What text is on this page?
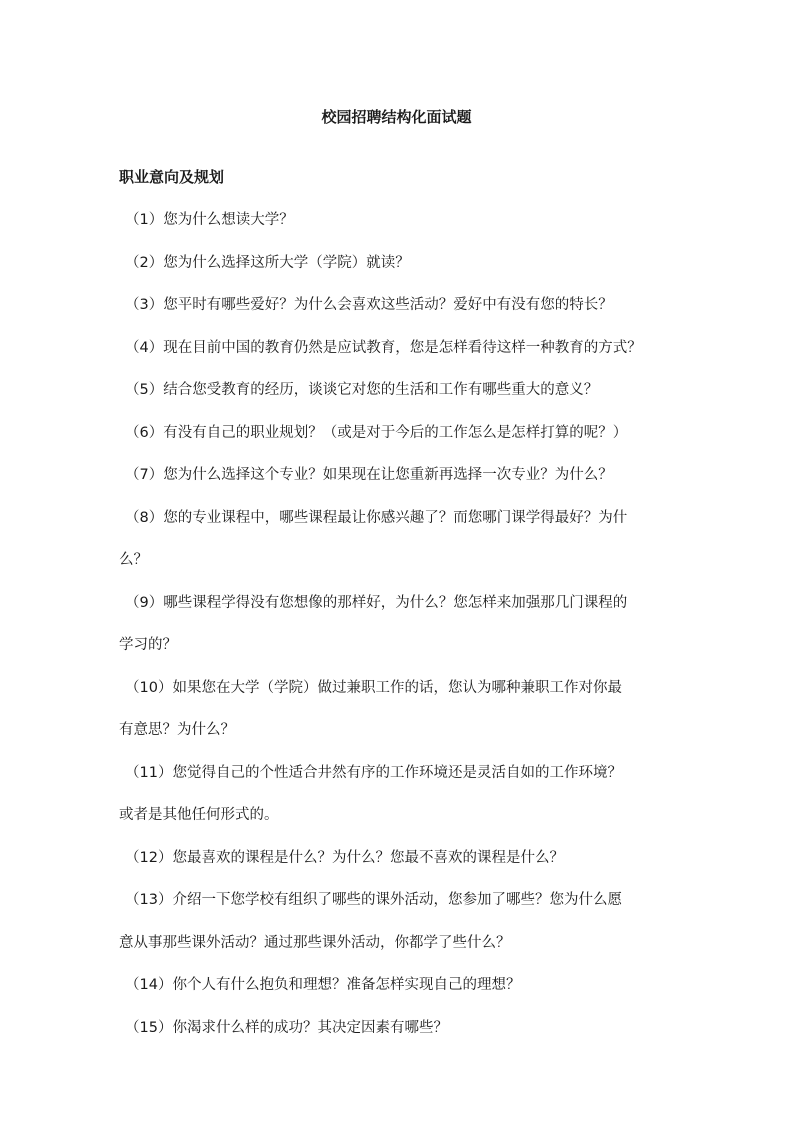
校园招聘结构化面试题
职业意向及规划

（1）您为什么想读大学？

（2）您为什么选择这所大学（学院）就读？

（3）您平时有哪些爱好？为什么会喜欢这些活动？爱好中有没有您的特长？

（4）现在目前中国的教育仍然是应试教育，您是怎样看待这样一种教育的方式？

（5）结合您受教育的经历，谈谈它对您的生活和工作有哪些重大的意义？

（6）有没有自己的职业规划？（或是对于今后的工作怎么是怎样打算的呢？）

（7）您为什么选择这个专业？如果现在让您重新再选择一次专业？为什么？

（8）您的专业课程中，哪些课程最让你感兴趣了？而您哪门课学得最好？为什

么？

（9）哪些课程学得没有您想像的那样好，为什么？您怎样来加强那几门课程的

学习的？

（10）如果您在大学（学院）做过兼职工作的话，您认为哪种兼职工作对你最

有意思？为什么？

（11）您觉得自己的个性适合井然有序的工作环境还是灵活自如的工作环境？

或者是其他任何形式的。

（12）您最喜欢的课程是什么？为什么？您最不喜欢的课程是什么？

（13）介绍一下您学校有组织了哪些的课外活动，您参加了哪些？您为什么愿

意从事那些课外活动？通过那些课外活动，你都学了些什么？

（14）你个人有什么抱负和理想？准备怎样实现自己的理想？

（15）你渴求什么样的成功？其决定因素有哪些？
